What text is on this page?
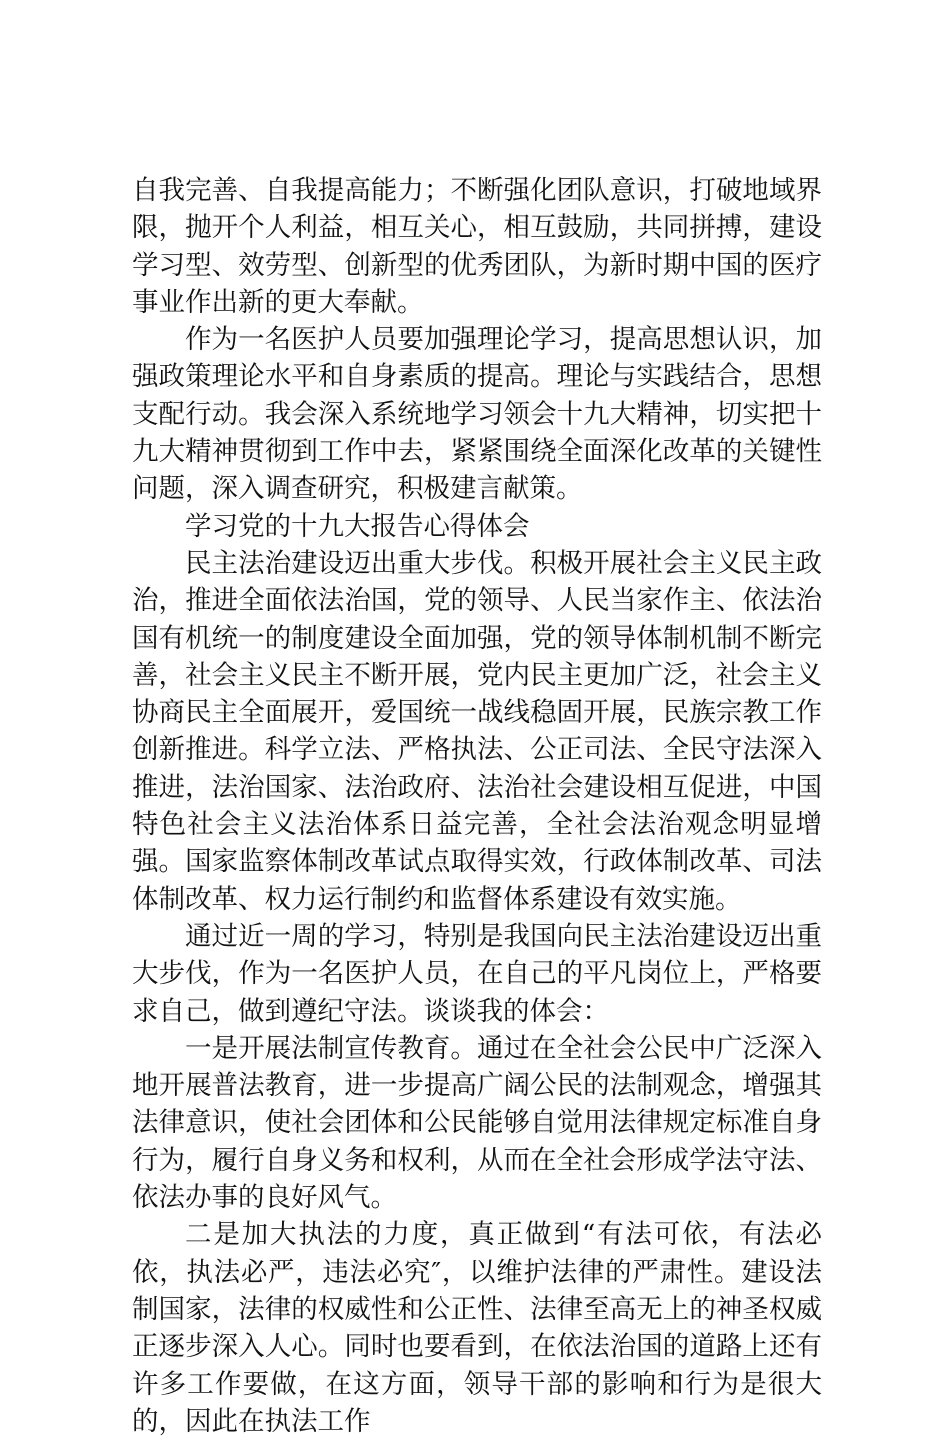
自我完善、自我提高能力；不断强化团队意识，打破地域界限，抛开个人利益，相互关心，相互鼓励，共同拼搏，建设学习型、效劳型、创新型的优秀团队，为新时期中国的医疗事业作出新的更大奉献。

作为一名医护人员要加强理论学习，提高思想认识，加强政策理论水平和自身素质的提高。理论与实践结合，思想支配行动。我会深入系统地学习领会十九大精神，切实把十九大精神贯彻到工作中去，紧紧围绕全面深化改革的关键性问题，深入调查研究，积极建言献策。

学习党的十九大报告心得体会

民主法治建设迈出重大步伐。积极开展社会主义民主政治，推进全面依法治国，党的领导、人民当家作主、依法治国有机统一的制度建设全面加强，党的领导体制机制不断完善，社会主义民主不断开展，党内民主更加广泛，社会主义协商民主全面展开，爱国统一战线稳固开展，民族宗教工作创新推进。科学立法、严格执法、公正司法、全民守法深入推进，法治国家、法治政府、法治社会建设相互促进，中国特色社会主义法治体系日益完善，全社会法治观念明显增强。国家监察体制改革试点取得实效，行政体制改革、司法体制改革、权力运行制约和监督体系建设有效实施。

通过近一周的学习，特别是我国向民主法治建设迈出重大步伐，作为一名医护人员，在自己的平凡岗位上，严格要求自己，做到遵纪守法。谈谈我的体会：

一是开展法制宣传教育。通过在全社会公民中广泛深入地开展普法教育，进一步提高广阔公民的法制观念，增强其法律意识，使社会团体和公民能够自觉用法律规定标准自身行为，履行自身义务和权利，从而在全社会形成学法守法、依法办事的良好风气。

二是加大执法的力度，真正做到“有法可依，有法必依，执法必严，违法必究″，以维护法律的严肃性。建设法制国家，法律的权威性和公正性、法律至高无上的神圣权威正逐步深入人心。同时也要看到，在依法治国的道路上还有许多工作要做，在这方面，领导干部的影响和行为是很大的，因此在执法工作
